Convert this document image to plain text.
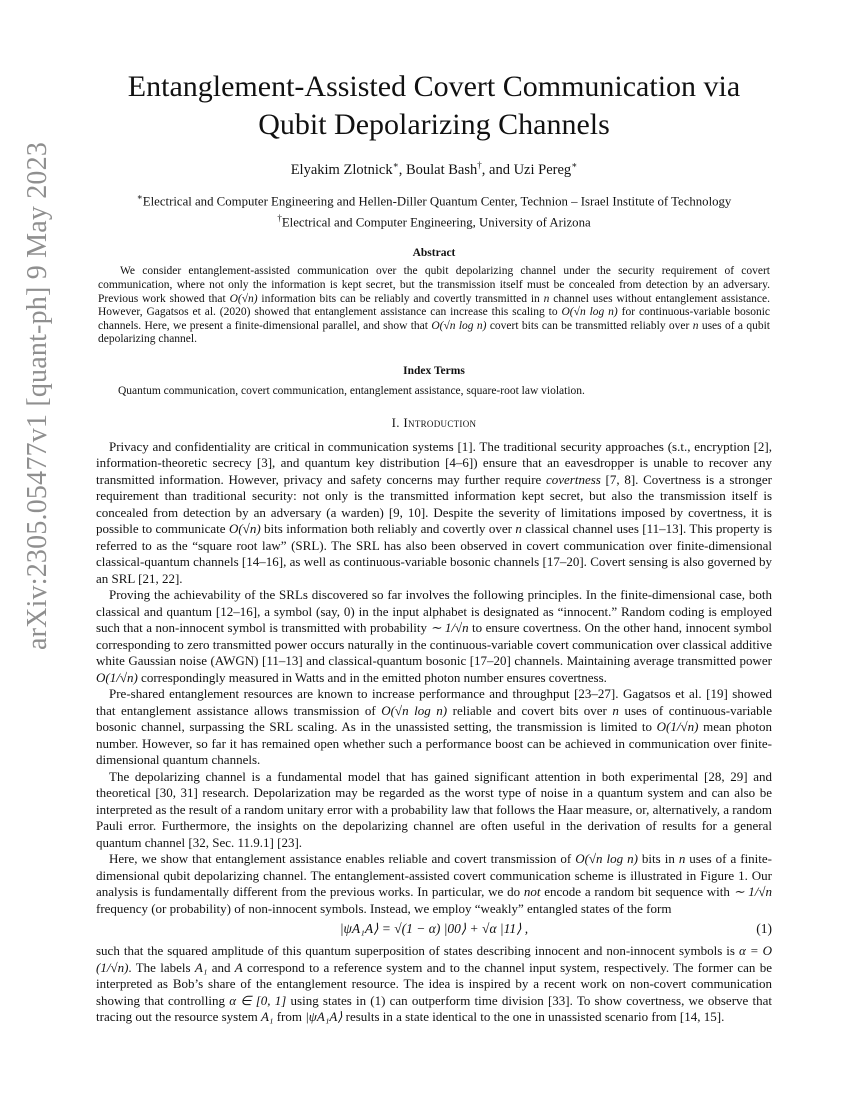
arXiv:2305.05477v1 [quant-ph] 9 May 2023
Entanglement-Assisted Covert Communication via
Qubit Depolarizing Channels
Elyakim Zlotnick∗, Boulat Bash†, and Uzi Pereg∗
∗Electrical and Computer Engineering and Hellen-Diller Quantum Center, Technion – Israel Institute of Technology
†Electrical and Computer Engineering, University of Arizona
Abstract

We consider entanglement-assisted communication over the qubit depolarizing channel under the security requirement of covert communication, where not only the information is kept secret, but the transmission itself must be concealed from detection by an adversary. Previous work showed that O(√n) information bits can be reliably and covertly transmitted in n channel uses without entanglement assistance. However, Gagatsos et al. (2020) showed that entanglement assistance can increase this scaling to O(√n log n) for continuous-variable bosonic channels. Here, we present a finite-dimensional parallel, and show that O(√n log n) covert bits can be transmitted reliably over n uses of a qubit depolarizing channel.

Index Terms
Quantum communication, covert communication, entanglement assistance, square-root law violation.
I. Introduction

Privacy and confidentiality are critical in communication systems [1]. The traditional security approaches (s.t., encryption [2], information-theoretic secrecy [3], and quantum key distribution [4–6]) ensure that an eavesdropper is unable to recover any transmitted information. However, privacy and safety concerns may further require covertness [7, 8]. Covertness is a stronger requirement than traditional security: not only is the transmitted information kept secret, but also the transmission itself is concealed from detection by an adversary (a warden) [9, 10]. Despite the severity of limitations imposed by covertness, it is possible to communicate O(√n) bits information both reliably and covertly over n classical channel uses [11–13]. This property is referred to as the “square root law” (SRL). The SRL has also been observed in covert communication over finite-dimensional classical-quantum channels [14–16], as well as continuous-variable bosonic channels [17–20]. Covert sensing is also governed by an SRL [21, 22].

Proving the achievability of the SRLs discovered so far involves the following principles. In the finite-dimensional case, both classical and quantum [12–16], a symbol (say, 0) in the input alphabet is designated as “innocent.” Random coding is employed such that a non-innocent symbol is transmitted with probability ∼ 1/√n to ensure covertness. On the other hand, innocent symbol corresponding to zero transmitted power occurs naturally in the continuous-variable covert communication over classical additive white Gaussian noise (AWGN) [11–13] and classical-quantum bosonic [17–20] channels. Maintaining average transmitted power O(1/√n) correspondingly measured in Watts and in the emitted photon number ensures covertness.

Pre-shared entanglement resources are known to increase performance and throughput [23–27]. Gagatsos et al. [19] showed that entanglement assistance allows transmission of O(√n log n) reliable and covert bits over n uses of continuous-variable bosonic channel, surpassing the SRL scaling. As in the unassisted setting, the transmission is limited to O(1/√n) mean photon number. However, so far it has remained open whether such a performance boost can be achieved in communication over finite-dimensional quantum channels.

The depolarizing channel is a fundamental model that has gained significant attention in both experimental [28, 29] and theoretical [30, 31] research. Depolarization may be regarded as the worst type of noise in a quantum system and can also be interpreted as the result of a random unitary error with a probability law that follows the Haar measure, or, alternatively, a random Pauli error. Furthermore, the insights on the depolarizing channel are often useful in the derivation of results for a general quantum channel [32, Sec. 11.9.1] [23].

Here, we show that entanglement assistance enables reliable and covert transmission of O(√n log n) bits in n uses of a finite-dimensional qubit depolarizing channel. The entanglement-assisted covert communication scheme is illustrated in Figure 1. Our analysis is fundamentally different from the previous works. In particular, we do not encode a random bit sequence with ∼ 1/√n frequency (or probability) of non-innocent symbols. Instead, we employ “weakly” entangled states of the form

|ψA₁A⟩ = √(1 − α) |00⟩ + √α |11⟩ ,	(1)

such that the squared amplitude of this quantum superposition of states describing innocent and non-innocent symbols is α = O (1/√n). The labels A₁ and A correspond to a reference system and to the channel input system, respectively. The former can be interpreted as Bob’s share of the entanglement resource. The idea is inspired by a recent work on non-covert communication showing that controlling α ∈ [0, 1] using states in (1) can outperform time division [33]. To show covertness, we observe that tracing out the resource system A₁ from |ψA₁A⟩ results in a state identical to the one in unassisted scenario from [14, 15].
